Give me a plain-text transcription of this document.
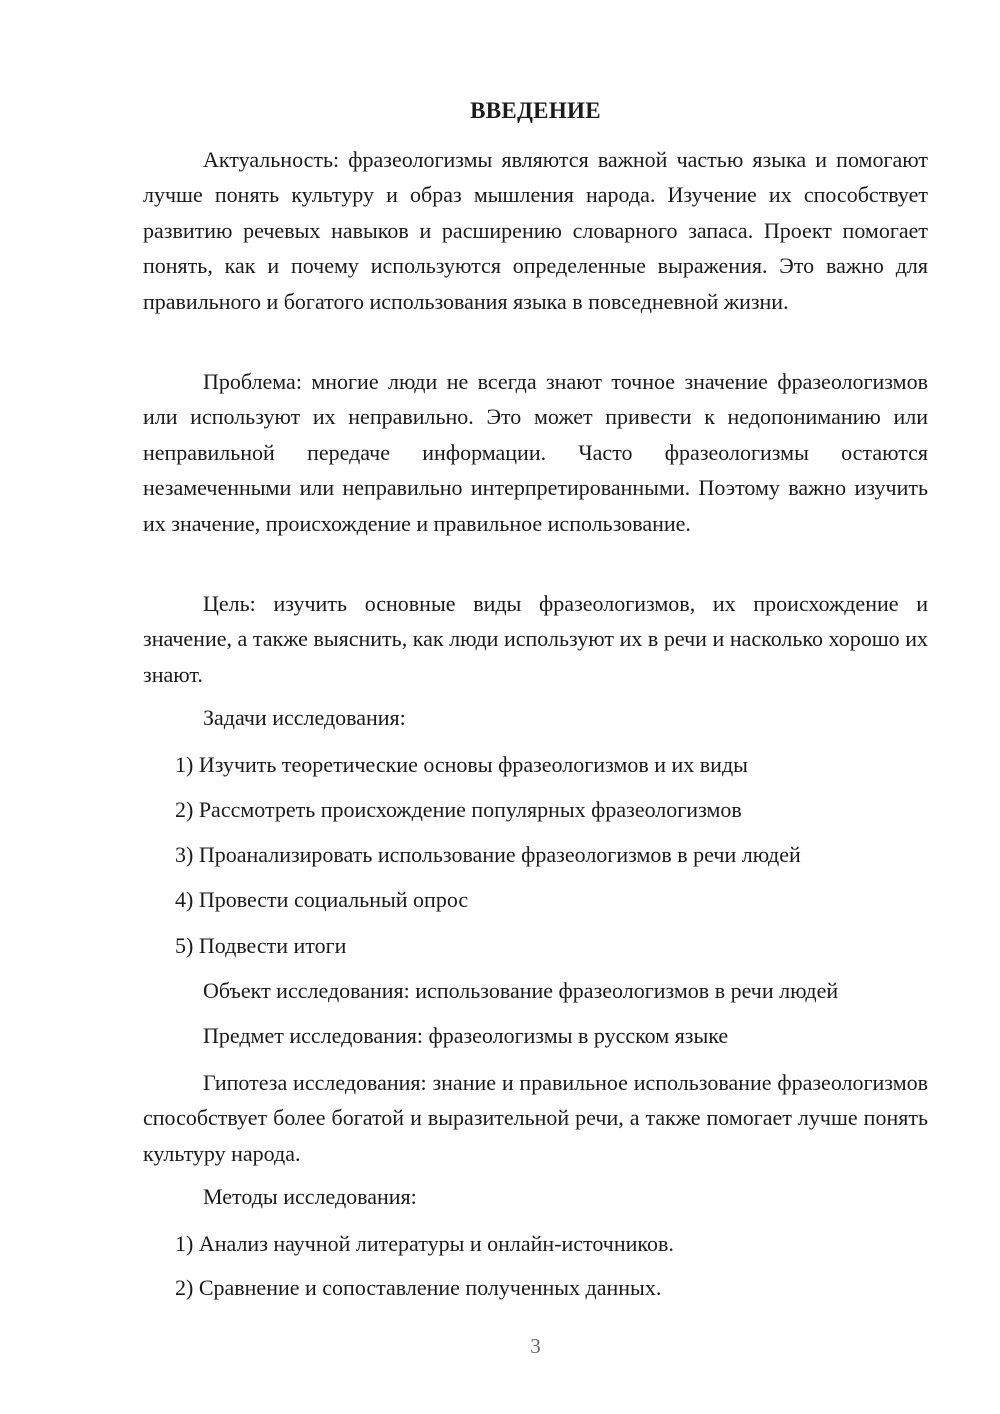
ВВЕДЕНИЕ

Актуальность: фразеологизмы являются важной частью языка и помогают лучше понять культуру и образ мышления народа. Изучение их способствует развитию речевых навыков и расширению словарного запаса. Проект помогает понять, как и почему используются определенные выражения. Это важно для правильного и богатого использования языка в повседневной жизни.

Проблема: многие люди не всегда знают точное значение фразеологизмов или используют их неправильно. Это может привести к недопониманию или неправильной передаче информации. Часто фразеологизмы остаются незамеченными или неправильно интерпретированными. Поэтому важно изучить их значение, происхождение и правильное использование.

Цель: изучить основные виды фразеологизмов, их происхождение и значение, а также выяснить, как люди используют их в речи и насколько хорошо их знают.

Задачи исследования:

1) Изучить теоретические основы фразеологизмов и их виды

2) Рассмотреть происхождение популярных фразеологизмов

3) Проанализировать использование фразеологизмов в речи людей

4) Провести социальный опрос

5) Подвести итоги

Объект исследования: использование фразеологизмов в речи людей

Предмет исследования: фразеологизмы в русском языке

Гипотеза исследования: знание и правильное использование фразеологизмов способствует более богатой и выразительной речи, а также помогает лучше понять культуру народа.

Методы исследования:

1) Анализ научной литературы и онлайн-источников.

2) Сравнение и сопоставление полученных данных.

3
